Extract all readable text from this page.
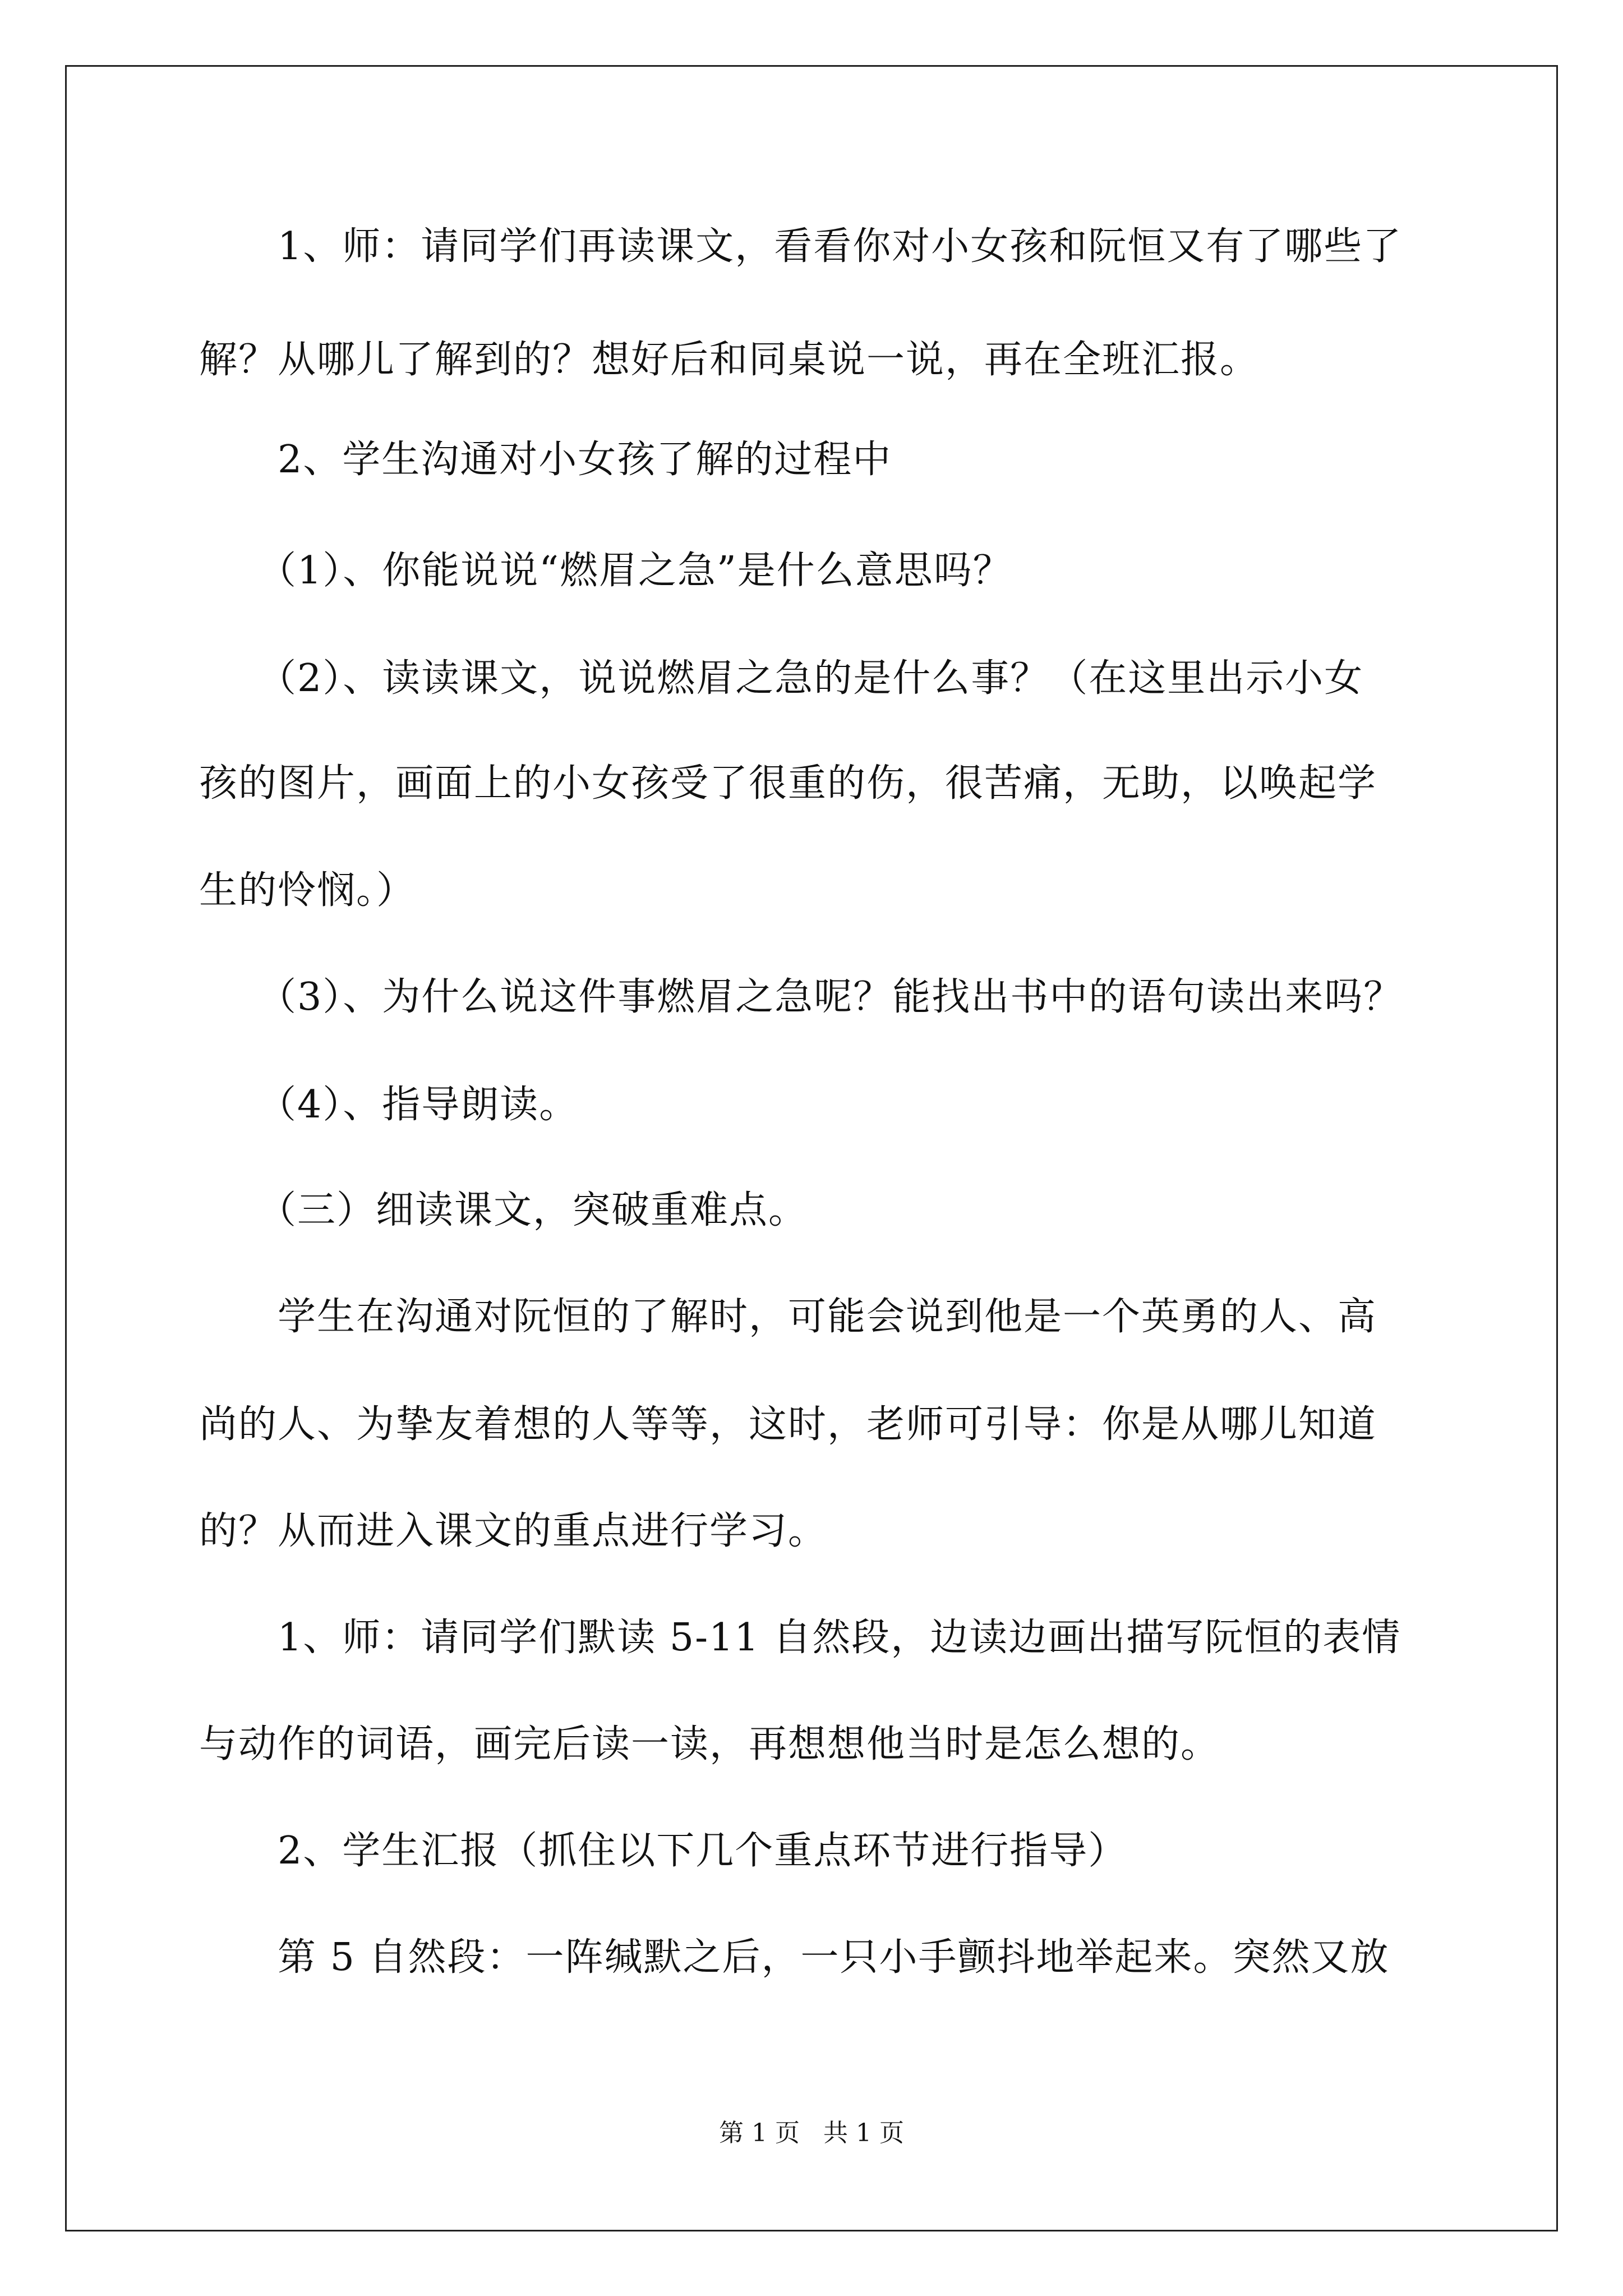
1、师：请同学们再读课文，看看你对小女孩和阮恒又有了哪些了
解？从哪儿了解到的？想好后和同桌说一说，再在全班汇报。
2、学生沟通对小女孩了解的过程中
（1）、你能说说“燃眉之急”是什么意思吗？
（2）、读读课文，说说燃眉之急的是什么事？（在这里出示小女
孩的图片，画面上的小女孩受了很重的伤，很苦痛，无助，以唤起学
生的怜悯。）
（3）、为什么说这件事燃眉之急呢？能找出书中的语句读出来吗？
（4）、指导朗读。
（三）细读课文，突破重难点。
学生在沟通对阮恒的了解时，可能会说到他是一个英勇的人、高
尚的人、为挚友着想的人等等，这时，老师可引导：你是从哪儿知道
的？从而进入课文的重点进行学习。
1、师：请同学们默读 5-11 自然段，边读边画出描写阮恒的表情
与动作的词语，画完后读一读，再想想他当时是怎么想的。
2、学生汇报（抓住以下几个重点环节进行指导）
第 5 自然段：一阵缄默之后，一只小手颤抖地举起来。突然又放
第 1 页   共 1 页
